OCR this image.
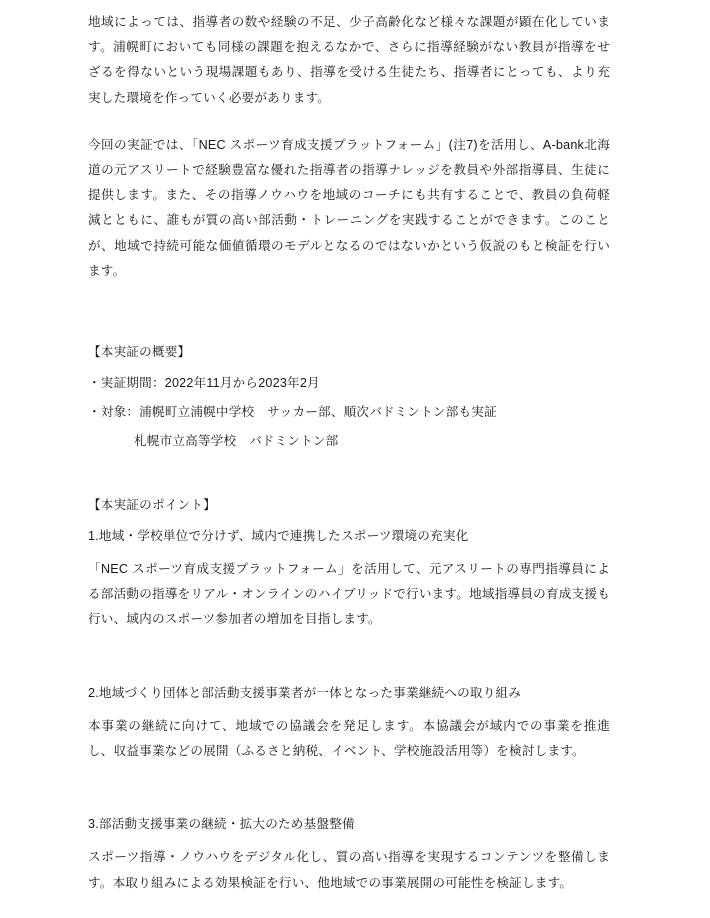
地域によっては、指導者の数や経験の不足、少子高齢化など様々な課題が顕在化しています。浦幌町においても同様の課題を抱えるなかで、さらに指導経験がない教員が指導をせざるを得ないという現場課題もあり、指導を受ける生徒たち、指導者にとっても、より充実した環境を作っていく必要があります。

今回の実証では、「NEC スポーツ育成支援プラットフォーム」(注7)を活用し、A-bank北海道の元アスリートで経験豊富な優れた指導者の指導ナレッジを教員や外部指導員、生徒に提供します。また、その指導ノウハウを地域のコーチにも共有することで、教員の負荷軽減とともに、誰もが質の高い部活動・トレーニングを実践することができます。このことが、地域で持続可能な価値循環のモデルとなるのではないかという仮説のもと検証を行います。

【本実証の概要】

・実証期間：2022年11月から2023年2月

・対象：浦幌町立浦幌中学校　サッカー部、順次バドミントン部も実証

札幌市立高等学校　バドミントン部

【本実証のポイント】

1.地域・学校単位で分けず、域内で連携したスポーツ環境の充実化

「NEC スポーツ育成支援プラットフォーム」を活用して、元アスリートの専門指導員による部活動の指導をリアル・オンラインのハイブリッドで行います。地域指導員の育成支援も行い、域内のスポーツ参加者の増加を目指します。

2.地域づくり団体と部活動支援事業者が一体となった事業継続への取り組み

本事業の継続に向けて、地域での協議会を発足します。本協議会が域内での事業を推進し、収益事業などの展開（ふるさと納税、イベント、学校施設活用等）を検討します。

3.部活動支援事業の継続・拡大のため基盤整備

スポーツ指導・ノウハウをデジタル化し、質の高い指導を実現するコンテンツを整備します。本取り組みによる効果検証を行い、他地域での事業展開の可能性を検証します。
